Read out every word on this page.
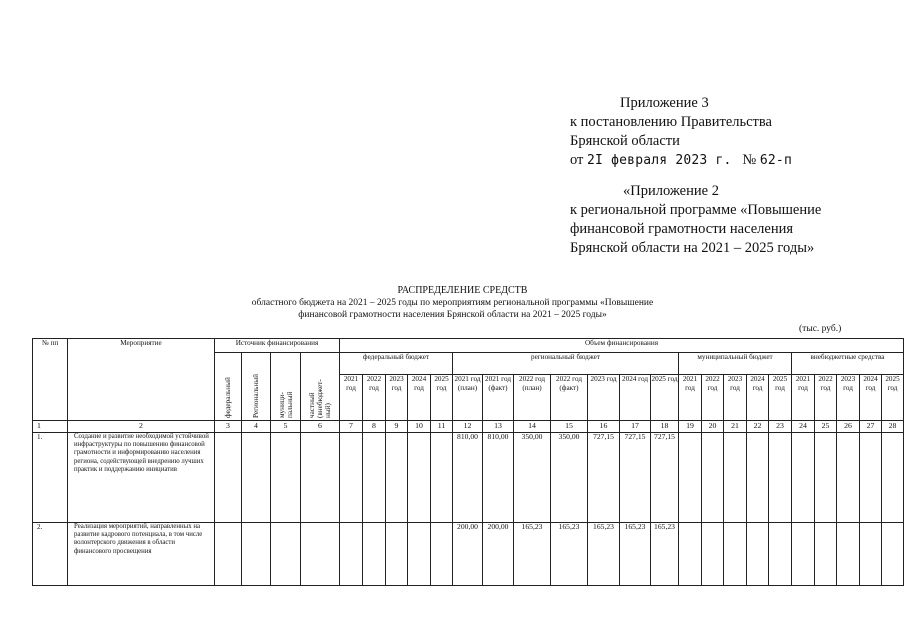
Приложение 3
к постановлению Правительства
Брянской области
от 2I февраля 2023 г. № 62-п
«Приложение 2
к региональной программе «Повышение
финансовой грамотности населения
Брянской области на 2021 – 2025 годы»
РАСПРЕДЕЛЕНИЕ СРЕДСТВ
областного бюджета на 2021 – 2025 годы по мероприятиям региональной программы «Повышение
финансовой грамотности населения Брянской области на 2021 – 2025 годы»
(тыс. руб.)
№ пп	Мероприятие	Источник финансирования				Объем финансирования																					
		федеральный	Региональный	муници-пальный	частный (внебюджет-ный)	федеральный бюджет					региональный бюджет							муниципальный бюджет					внебюджетные средства				
						2021 год	2022 год	2023 год	2024 год	2025 год	2021 год (план)	2021 год (факт)	2022 год (план)	2022 год (факт)	2023 год	2024 год	2025 год	2021 год	2022 год	2023 год	2024 год	2025 год	2021 год	2022 год	2023 год	2024 год	2025 год
1	2	3	4	5	6	7	8	9	10	11	12	13	14	15	16	17	18	19	20	21	22	23	24	25	26	27	28
1.	Создание и развитие необходимой устойчивой инфраструктуры по повышению финансовой грамотности и информированию населения региона, содействующей внедрению лучших практик и поддержанию инициатив										810,00	810,00	350,00	350,00	727,15	727,15	727,15										
2.	Реализация мероприятий, направленных на развитие кадрового потенциала, в том числе волонтерского движения в области финансового просвещения										200,00	200,00	165,23	165,23	165,23	165,23	165,23										
